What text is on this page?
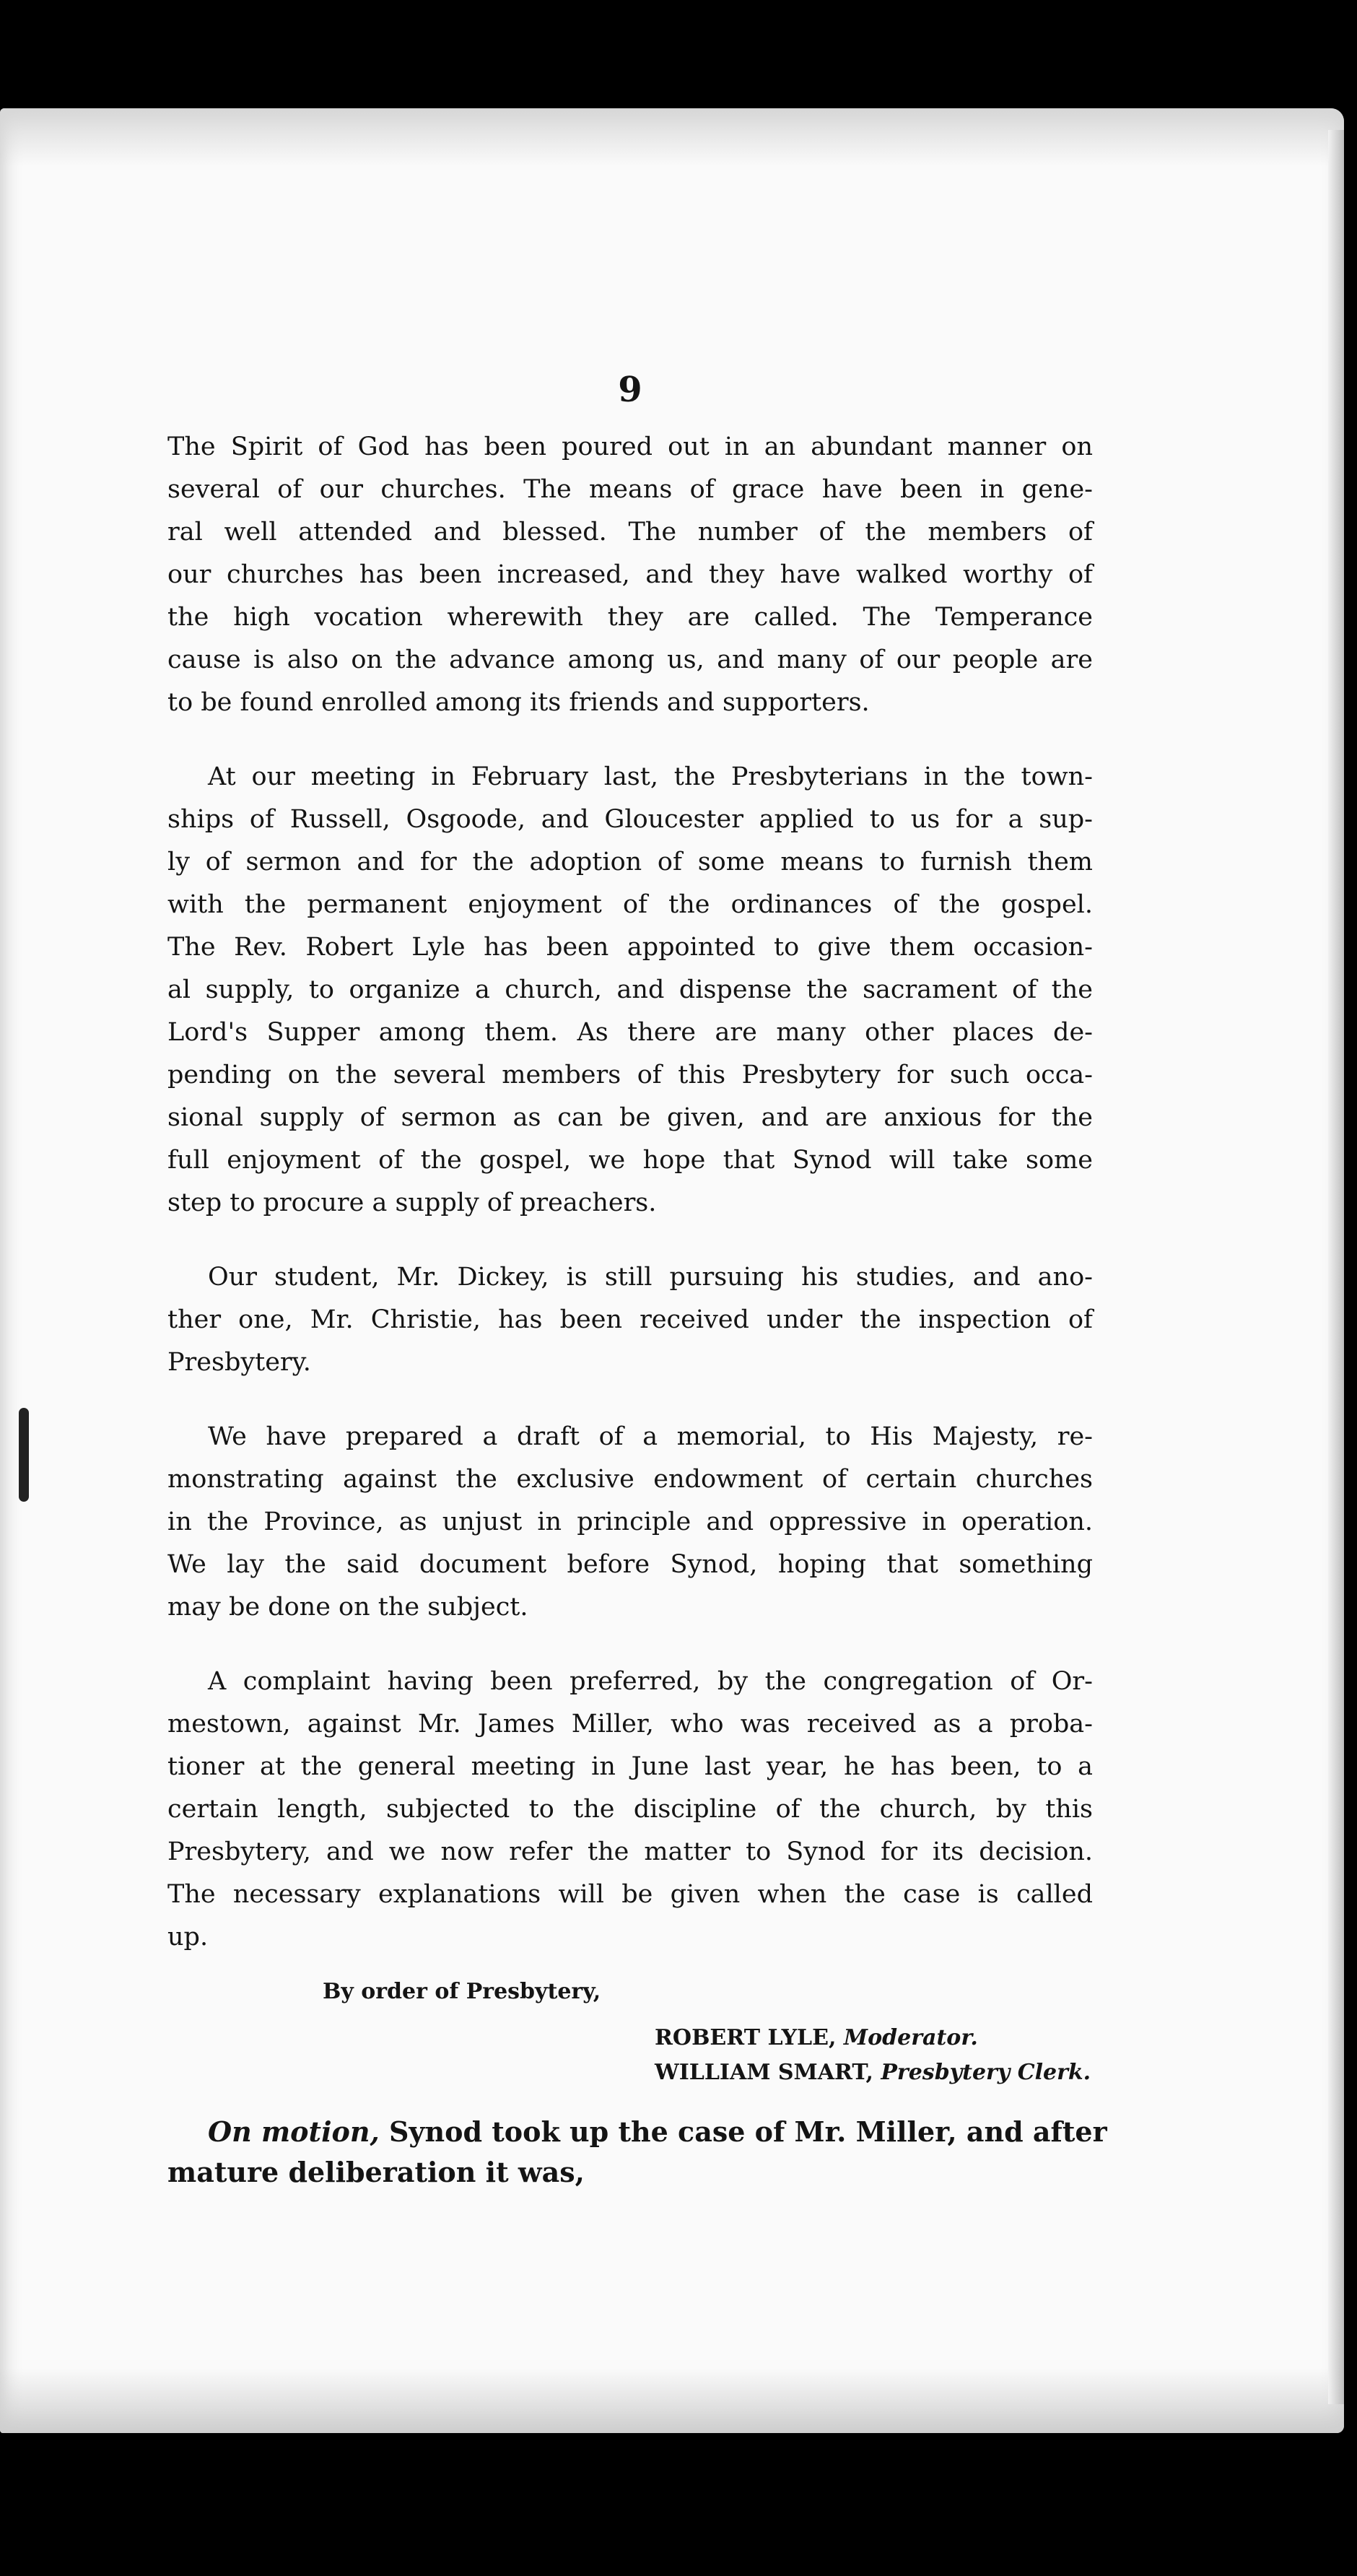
9
The Spirit of God has been poured out in an abundant manner on
several of our churches. The means of grace have been in gene-
ral well attended and blessed. The number of the members of
our churches has been increased, and they have walked worthy of
the high vocation wherewith they are called. The Temperance
cause is also on the advance among us, and many of our people are
to be found enrolled among its friends and supporters.
At our meeting in February last, the Presbyterians in the town-
ships of Russell, Osgoode, and Gloucester applied to us for a sup-
ly of sermon and for the adoption of some means to furnish them
with the permanent enjoyment of the ordinances of the gospel.
The Rev. Robert Lyle has been appointed to give them occasion-
al supply, to organize a church, and dispense the sacrament of the
Lord's Supper among them. As there are many other places de-
pending on the several members of this Presbytery for such occa-
sional supply of sermon as can be given, and are anxious for the
full enjoyment of the gospel, we hope that Synod will take some
step to procure a supply of preachers.
Our student, Mr. Dickey, is still pursuing his studies, and ano-
ther one, Mr. Christie, has been received under the inspection of
Presbytery.
We have prepared a draft of a memorial, to His Majesty, re-
monstrating against the exclusive endowment of certain churches
in the Province, as unjust in principle and oppressive in operation.
We lay the said document before Synod, hoping that something
may be done on the subject.
A complaint having been preferred, by the congregation of Or-
mestown, against Mr. James Miller, who was received as a proba-
tioner at the general meeting in June last year, he has been, to a
certain length, subjected to the discipline of the church, by this
Presbytery, and we now refer the matter to Synod for its decision.
The necessary explanations will be given when the case is called
up.
By order of Presbytery,
ROBERT LYLE, Moderator.
WILLIAM SMART, Presbytery Clerk.
On motion, Synod took up the case of Mr. Miller, and after
mature deliberation it was,
